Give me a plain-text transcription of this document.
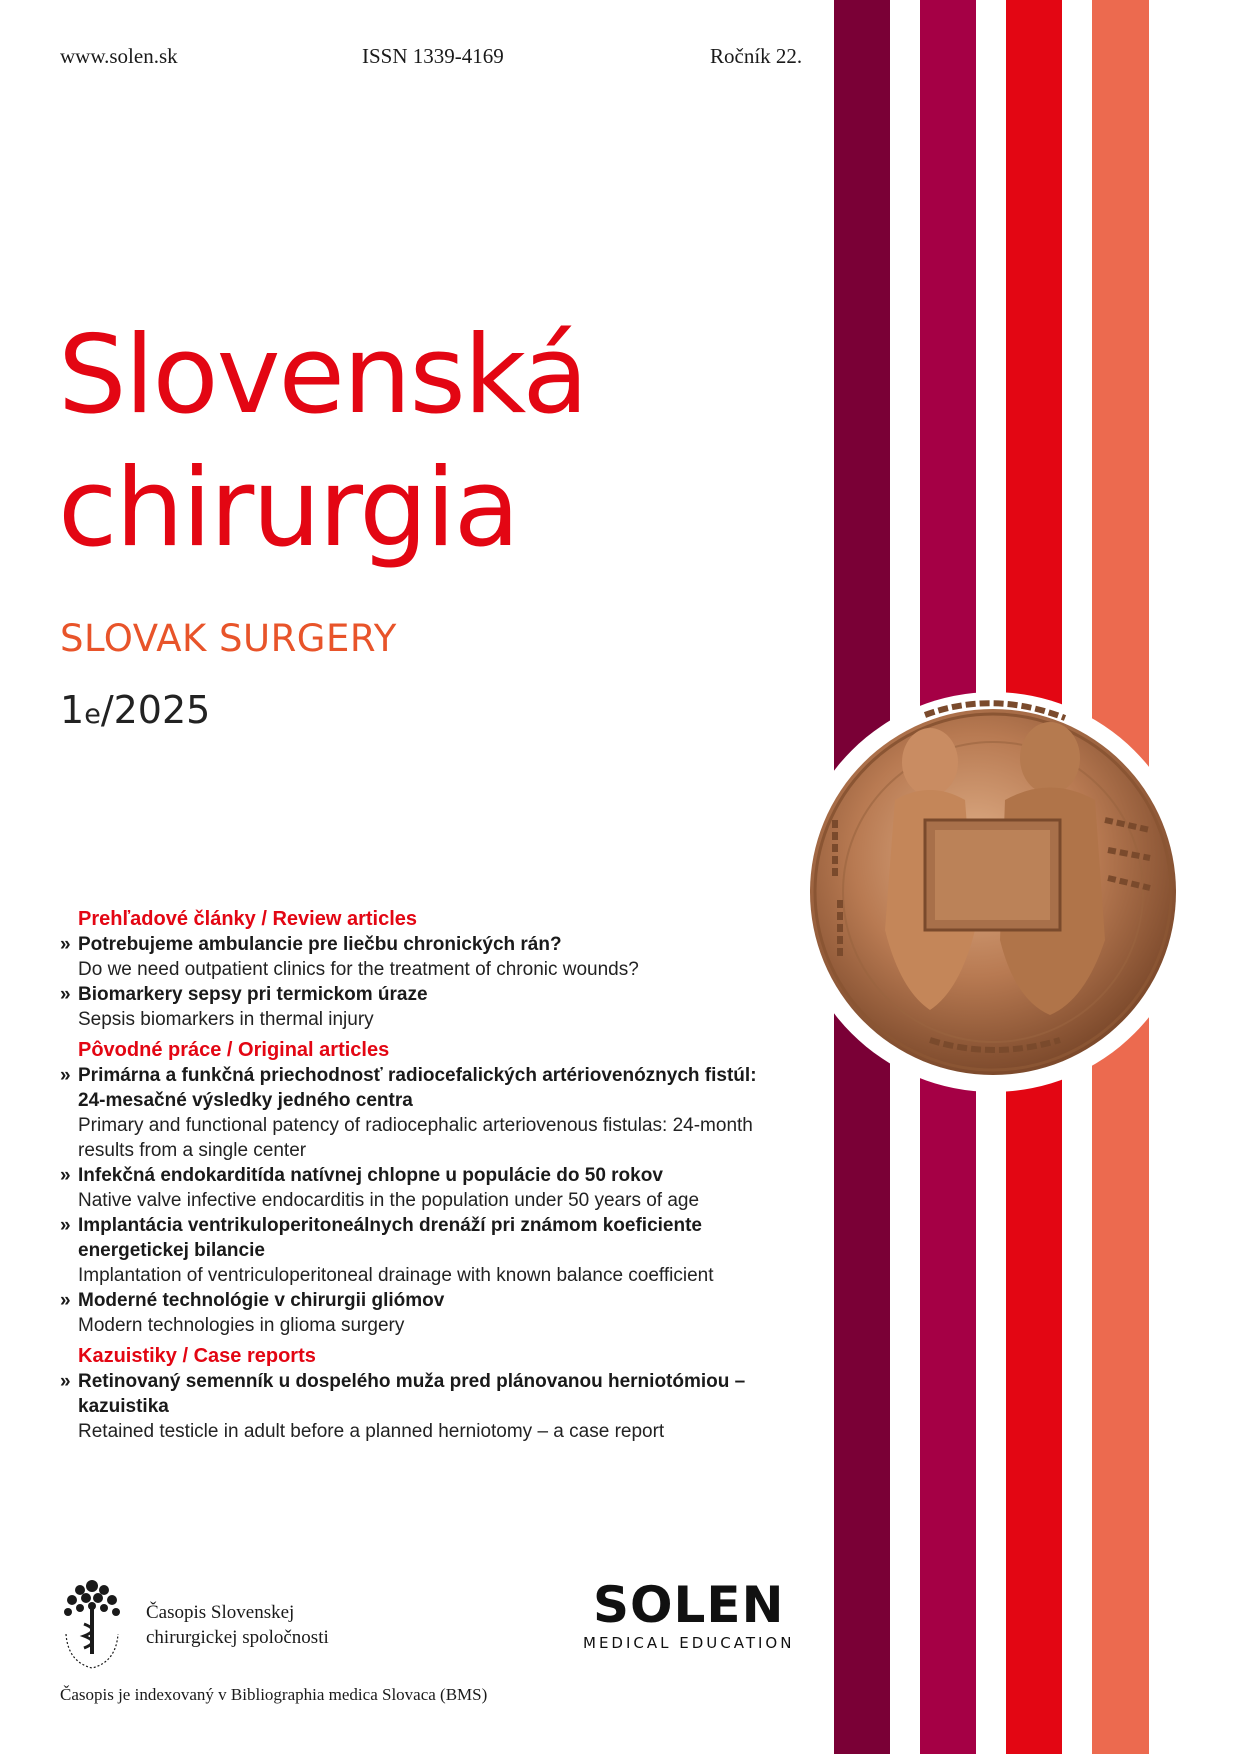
www.solen.sk	ISSN 1339-4169	Ročník 22.
Slovenská
chirurgia
SLOVAK SURGERY
1e/2025
Prehľadové články / Review articles
» Potrebujeme ambulancie pre liečbu chronických rán?
Do we need outpatient clinics for the treatment of chronic wounds?
» Biomarkery sepsy pri termickom úraze
Sepsis biomarkers in thermal injury
Pôvodné práce / Original articles
» Primárna a funkčná priechodnosť radiocefalických artériovenóznych fistúl: 24-mesačné výsledky jedného centra
Primary and functional patency of radiocephalic arteriovenous fistulas: 24-month results from a single center
» Infekčná endokarditída natívnej chlopne u populácie do 50 rokov
Native valve infective endocarditis in the population under 50 years of age
» Implantácia ventrikuloperitoneálnych drenáží pri známom koeficiente energetickej bilancie
Implantation of ventriculoperitoneal drainage with known balance coefficient
» Moderné technológie v chirurgii gliómov
Modern technologies in glioma surgery
Kazuistiky / Case reports
» Retinovaný semenník u dospelého muža pred plánovanou herniotómiou – kazuistika
Retained testicle in adult before a planned herniotomy – a case report
Časopis Slovenskej
chirurgickej spoločnosti
SOLEN
MEDICAL EDUCATION
Časopis je indexovaný v Bibliographia medica Slovaca (BMS)
